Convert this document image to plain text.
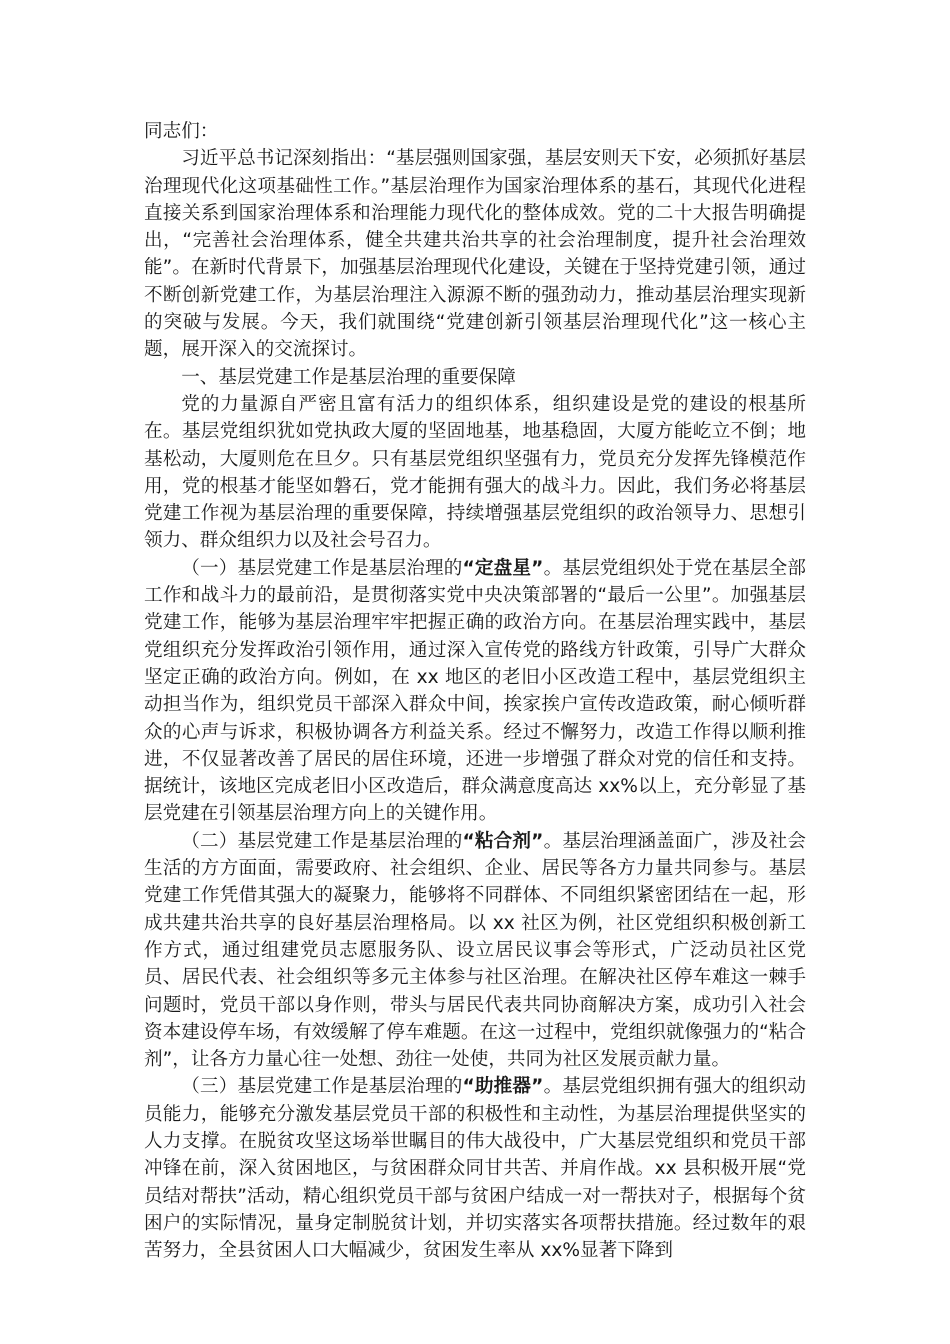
同志们：

习近平总书记深刻指出：“基层强则国家强，基层安则天下安，必须抓好基层治理现代化这项基础性工作。”基层治理作为国家治理体系的基石，其现代化进程直接关系到国家治理体系和治理能力现代化的整体成效。党的二十大报告明确提出，“完善社会治理体系，健全共建共治共享的社会治理制度，提升社会治理效能”。在新时代背景下，加强基层治理现代化建设，关键在于坚持党建引领，通过不断创新党建工作，为基层治理注入源源不断的强劲动力，推动基层治理实现新的突破与发展。今天，我们就围绕“党建创新引领基层治理现代化”这一核心主题，展开深入的交流探讨。

一、基层党建工作是基层治理的重要保障

党的力量源自严密且富有活力的组织体系，组织建设是党的建设的根基所在。基层党组织犹如党执政大厦的坚固地基，地基稳固，大厦方能屹立不倒；地基松动，大厦则危在旦夕。只有基层党组织坚强有力，党员充分发挥先锋模范作用，党的根基才能坚如磐石，党才能拥有强大的战斗力。因此，我们务必将基层党建工作视为基层治理的重要保障，持续增强基层党组织的政治领导力、思想引领力、群众组织力以及社会号召力。

（一）基层党建工作是基层治理的“定盘星”。基层党组织处于党在基层全部工作和战斗力的最前沿，是贯彻落实党中央决策部署的“最后一公里”。加强基层党建工作，能够为基层治理牢牢把握正确的政治方向。在基层治理实践中，基层党组织充分发挥政治引领作用，通过深入宣传党的路线方针政策，引导广大群众坚定正确的政治方向。例如，在 xx 地区的老旧小区改造工程中，基层党组织主动担当作为，组织党员干部深入群众中间，挨家挨户宣传改造政策，耐心倾听群众的心声与诉求，积极协调各方利益关系。经过不懈努力，改造工作得以顺利推进，不仅显著改善了居民的居住环境，还进一步增强了群众对党的信任和支持。据统计，该地区完成老旧小区改造后，群众满意度高达 xx%以上，充分彰显了基层党建在引领基层治理方向上的关键作用。

（二）基层党建工作是基层治理的“粘合剂”。基层治理涵盖面广，涉及社会生活的方方面面，需要政府、社会组织、企业、居民等各方力量共同参与。基层党建工作凭借其强大的凝聚力，能够将不同群体、不同组织紧密团结在一起，形成共建共治共享的良好基层治理格局。以 xx 社区为例，社区党组织积极创新工作方式，通过组建党员志愿服务队、设立居民议事会等形式，广泛动员社区党员、居民代表、社会组织等多元主体参与社区治理。在解决社区停车难这一棘手问题时，党员干部以身作则，带头与居民代表共同协商解决方案，成功引入社会资本建设停车场，有效缓解了停车难题。在这一过程中，党组织就像强力的“粘合剂”，让各方力量心往一处想、劲往一处使，共同为社区发展贡献力量。

（三）基层党建工作是基层治理的“助推器”。基层党组织拥有强大的组织动员能力，能够充分激发基层党员干部的积极性和主动性，为基层治理提供坚实的人力支撑。在脱贫攻坚这场举世瞩目的伟大战役中，广大基层党组织和党员干部冲锋在前，深入贫困地区，与贫困群众同甘共苦、并肩作战。xx 县积极开展“党员结对帮扶”活动，精心组织党员干部与贫困户结成一对一帮扶对子，根据每个贫困户的实际情况，量身定制脱贫计划，并切实落实各项帮扶措施。经过数年的艰苦努力，全县贫困人口大幅减少，贫困发生率从 xx%显著下降到
